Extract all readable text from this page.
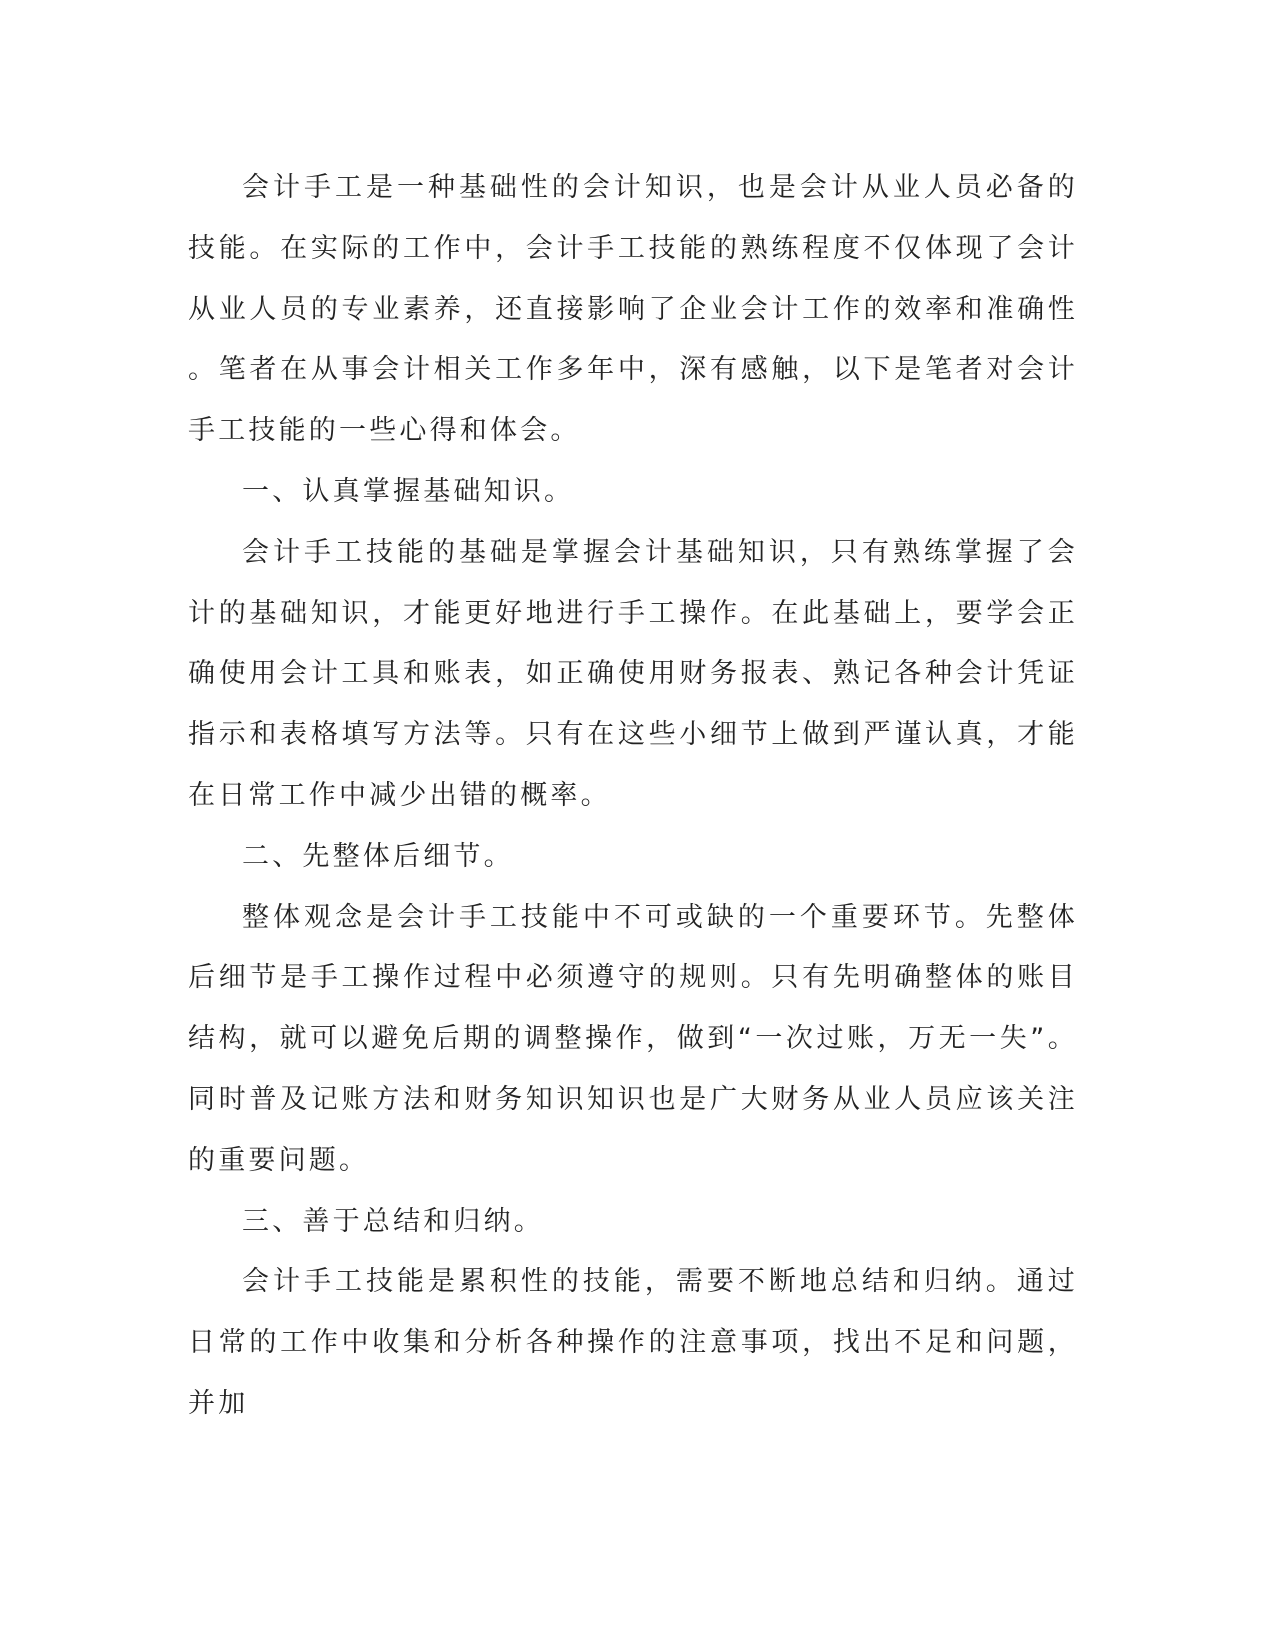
会计手工是一种基础性的会计知识，也是会计从业人员必备的技能。在实际的工作中，会计手工技能的熟练程度不仅体现了会计从业人员的专业素养，还直接影响了企业会计工作的效率和准确性。笔者在从事会计相关工作多年中，深有感触，以下是笔者对会计手工技能的一些心得和体会。

一、认真掌握基础知识。

会计手工技能的基础是掌握会计基础知识，只有熟练掌握了会计的基础知识，才能更好地进行手工操作。在此基础上，要学会正确使用会计工具和账表，如正确使用财务报表、熟记各种会计凭证指示和表格填写方法等。只有在这些小细节上做到严谨认真，才能在日常工作中减少出错的概率。

二、先整体后细节。

整体观念是会计手工技能中不可或缺的一个重要环节。先整体后细节是手工操作过程中必须遵守的规则。只有先明确整体的账目结构，就可以避免后期的调整操作，做到“一次过账，万无一失”。同时普及记账方法和财务知识知识也是广大财务从业人员应该关注的重要问题。

三、善于总结和归纳。

会计手工技能是累积性的技能，需要不断地总结和归纳。通过日常的工作中收集和分析各种操作的注意事项，找出不足和问题，并加
